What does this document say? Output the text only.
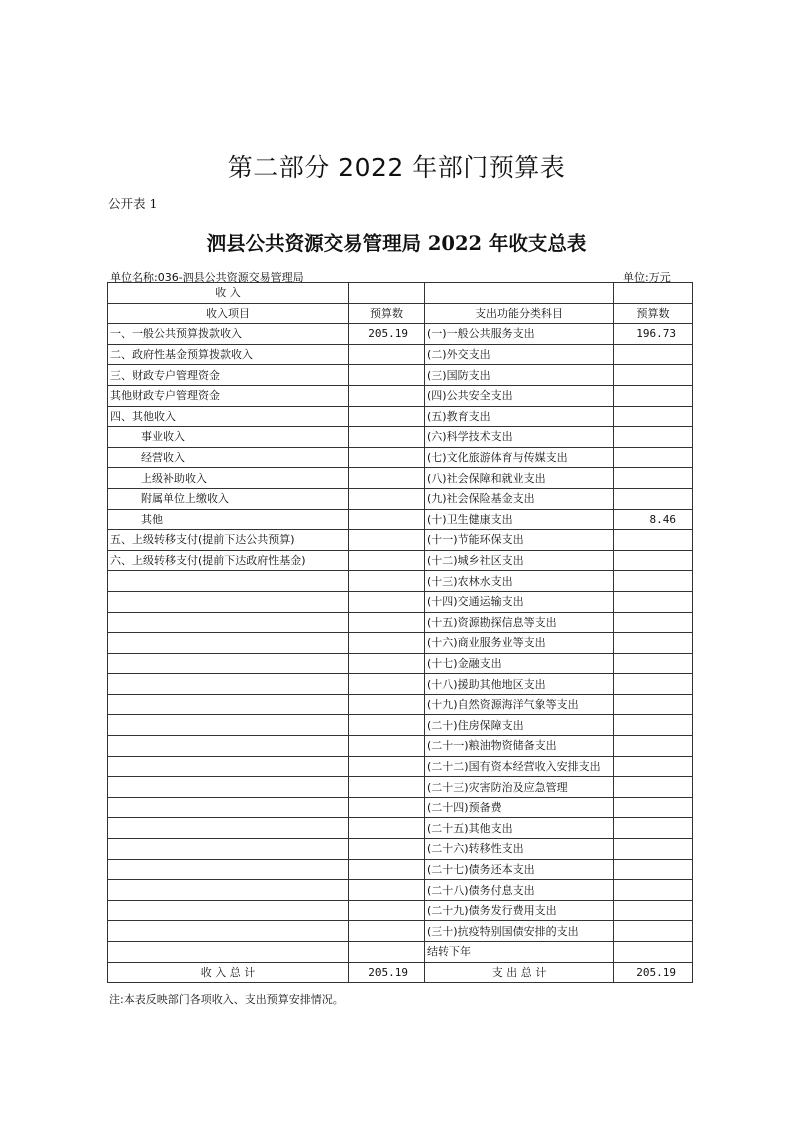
第二部分 2022 年部门预算表
公开表 1
泗县公共资源交易管理局 2022 年收支总表
单位名称:036-泗县公共资源交易管理局	单位:万元
收 入			
收入项目	预算数	支出功能分类科目	预算数
一、一般公共预算拨款收入	205.19	(一)一般公共服务支出	196.73
二、政府性基金预算拨款收入		(二)外交支出	
三、财政专户管理资金		(三)国防支出	
其他财政专户管理资金		(四)公共安全支出	
四、其他收入		(五)教育支出	
事业收入		(六)科学技术支出	
经营收入		(七)文化旅游体育与传媒支出	
上级补助收入		(八)社会保障和就业支出	
附属单位上缴收入		(九)社会保险基金支出	
其他		(十)卫生健康支出	8.46
五、上级转移支付(提前下达公共预算)		(十一)节能环保支出	
六、上级转移支付(提前下达政府性基金)		(十二)城乡社区支出	
		(十三)农林水支出	
		(十四)交通运输支出	
		(十五)资源勘探信息等支出	
		(十六)商业服务业等支出	
		(十七)金融支出	
		(十八)援助其他地区支出	
		(十九)自然资源海洋气象等支出	
		(二十)住房保障支出	
		(二十一)粮油物资储备支出	
		(二十二)国有资本经营收入安排支出	
		(二十三)灾害防治及应急管理	
		(二十四)预备费	
		(二十五)其他支出	
		(二十六)转移性支出	
		(二十七)债务还本支出	
		(二十八)债务付息支出	
		(二十九)债务发行费用支出	
		(三十)抗疫特别国债安排的支出	
		结转下年	
收 入 总 计	205.19	支 出 总 计	205.19
注:本表反映部门各项收入、支出预算安排情况。
